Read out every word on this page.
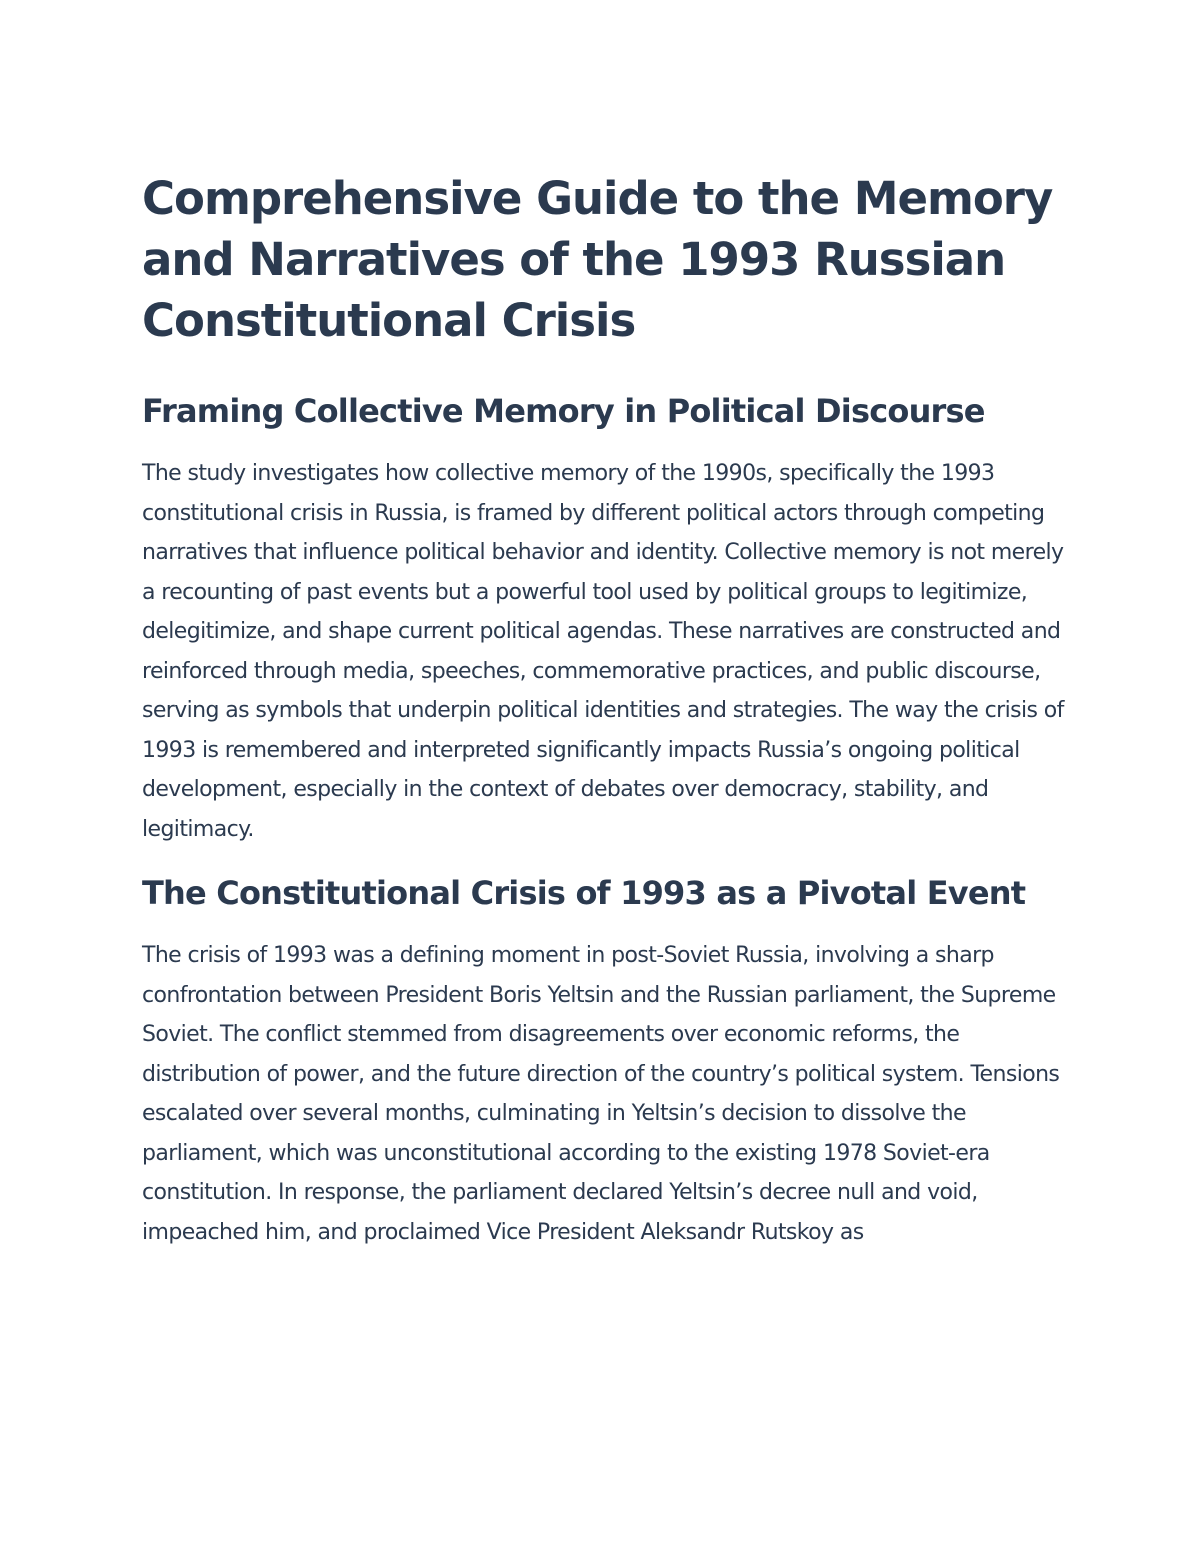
Comprehensive Guide to the Memory and Narratives of the 1993 Russian Constitutional Crisis
Framing Collective Memory in Political Discourse

The study investigates how collective memory of the 1990s, specifically the 1993 constitutional crisis in Russia, is framed by different political actors through competing narratives that influence political behavior and identity. Collective memory is not merely a recounting of past events but a powerful tool used by political groups to legitimize, delegitimize, and shape current political agendas. These narratives are constructed and reinforced through media, speeches, commemorative practices, and public discourse, serving as symbols that underpin political identities and strategies. The way the crisis of 1993 is remembered and interpreted significantly impacts Russia’s ongoing political development, especially in the context of debates over democracy, stability, and legitimacy.

The Constitutional Crisis of 1993 as a Pivotal Event

The crisis of 1993 was a defining moment in post-Soviet Russia, involving a sharp confrontation between President Boris Yeltsin and the Russian parliament, the Supreme Soviet. The conflict stemmed from disagreements over economic reforms, the distribution of power, and the future direction of the country’s political system. Tensions escalated over several months, culminating in Yeltsin’s decision to dissolve the parliament, which was unconstitutional according to the existing 1978 Soviet-era constitution. In response, the parliament declared Yeltsin’s decree null and void, impeached him, and proclaimed Vice President Aleksandr Rutskoy as
